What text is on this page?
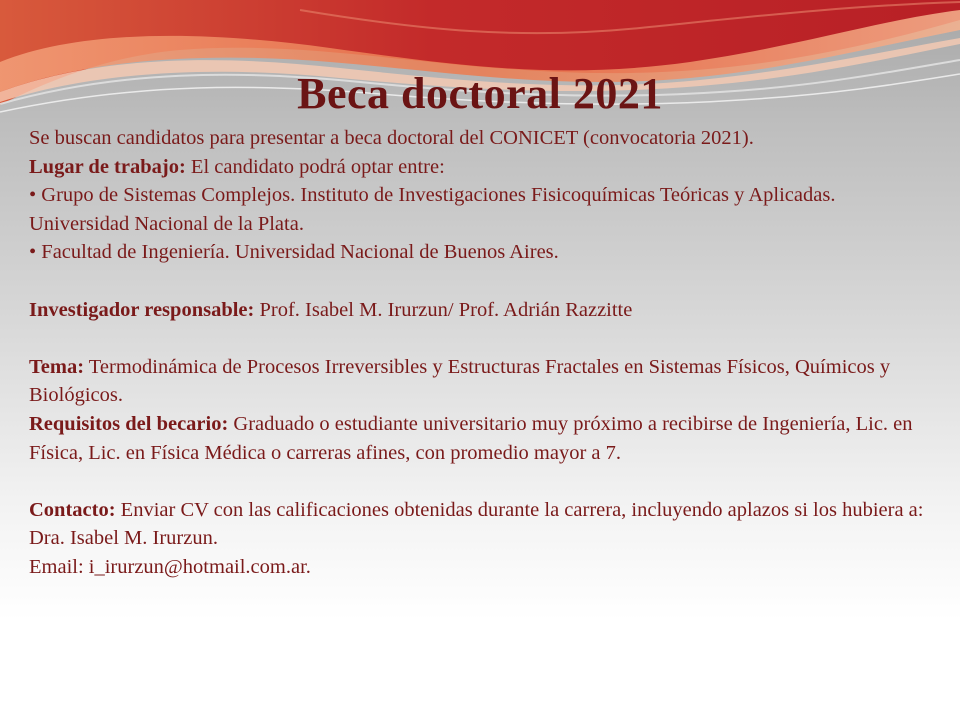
Beca doctoral 2021

Se buscan candidatos para presentar a beca doctoral del CONICET (convocatoria 2021).

Lugar de trabajo: El candidato podrá optar entre:

• Grupo de Sistemas Complejos. Instituto de Investigaciones Fisicoquímicas Teóricas y Aplicadas. Universidad Nacional de la Plata.

• Facultad de Ingeniería. Universidad Nacional de Buenos Aires.

Investigador responsable: Prof. Isabel M. Irurzun/ Prof. Adrián Razzitte

Tema: Termodinámica de Procesos Irreversibles y Estructuras Fractales en Sistemas Físicos, Químicos y Biológicos.

Requisitos del becario: Graduado o estudiante universitario muy próximo a recibirse de Ingeniería, Lic. en Física, Lic. en Física Médica o carreras afines, con promedio mayor a 7.

Contacto: Enviar CV con las calificaciones obtenidas durante la carrera, incluyendo aplazos si los hubiera a: Dra. Isabel M. Irurzun.

Email: i_irurzun@hotmail.com.ar.
